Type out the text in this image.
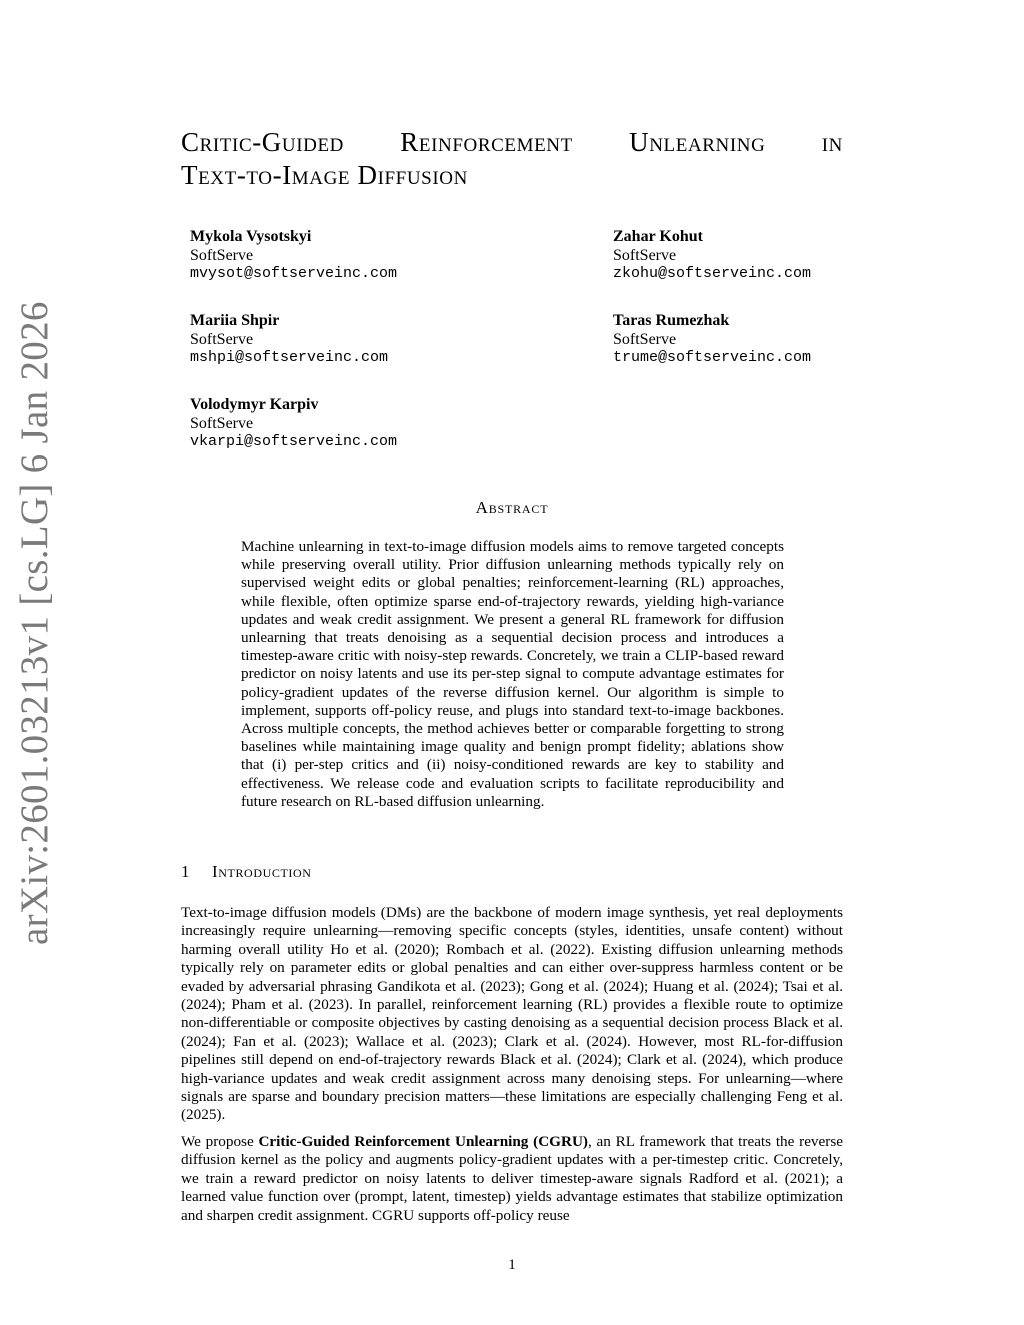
arXiv:2601.03213v1 [cs.LG] 6 Jan 2026
Critic-Guided Reinforcement Unlearning in
Text-to-Image Diffusion
Mykola Vysotskyi
SoftServe
mvysot@softserveinc.com
Zahar Kohut
SoftServe
zkohu@softserveinc.com
Mariia Shpir
SoftServe
mshpi@softserveinc.com
Taras Rumezhak
SoftServe
trume@softserveinc.com
Volodymyr Karpiv
SoftServe
vkarpi@softserveinc.com
Abstract

Machine unlearning in text-to-image diffusion models aims to remove targeted concepts while preserving overall utility. Prior diffusion unlearning methods typically rely on supervised weight edits or global penalties; reinforcement-learning (RL) approaches, while flexible, often optimize sparse end-of-trajectory rewards, yielding high-variance updates and weak credit assignment. We present a general RL framework for diffusion unlearning that treats denoising as a sequential decision process and introduces a timestep-aware critic with noisy-step rewards. Concretely, we train a CLIP-based reward predictor on noisy latents and use its per-step signal to compute advantage estimates for policy-gradient updates of the reverse diffusion kernel. Our algorithm is simple to implement, supports off-policy reuse, and plugs into standard text-to-image backbones. Across multiple concepts, the method achieves better or comparable forgetting to strong baselines while maintaining image quality and benign prompt fidelity; ablations show that (i) per-step critics and (ii) noisy-conditioned rewards are key to stability and effectiveness. We release code and evaluation scripts to facilitate reproducibility and future research on RL-based diffusion unlearning.

1 Introduction

Text-to-image diffusion models (DMs) are the backbone of modern image synthesis, yet real deployments increasingly require unlearning—removing specific concepts (styles, identities, unsafe content) without harming overall utility Ho et al. (2020); Rombach et al. (2022). Existing diffusion unlearning methods typically rely on parameter edits or global penalties and can either over-suppress harmless content or be evaded by adversarial phrasing Gandikota et al. (2023); Gong et al. (2024); Huang et al. (2024); Tsai et al. (2024); Pham et al. (2023). In parallel, reinforcement learning (RL) provides a flexible route to optimize non-differentiable or composite objectives by casting denoising as a sequential decision process Black et al. (2024); Fan et al. (2023); Wallace et al. (2023); Clark et al. (2024). However, most RL-for-diffusion pipelines still depend on end-of-trajectory rewards Black et al. (2024); Clark et al. (2024), which produce high-variance updates and weak credit assignment across many denoising steps. For unlearning—where signals are sparse and boundary precision matters—these limitations are especially challenging Feng et al. (2025).

We propose Critic-Guided Reinforcement Unlearning (CGRU), an RL framework that treats the reverse diffusion kernel as the policy and augments policy-gradient updates with a per-timestep critic. Concretely, we train a reward predictor on noisy latents to deliver timestep-aware signals Radford et al. (2021); a learned value function over (prompt, latent, timestep) yields advantage estimates that stabilize optimization and sharpen credit assignment. CGRU supports off-policy reuse

1
